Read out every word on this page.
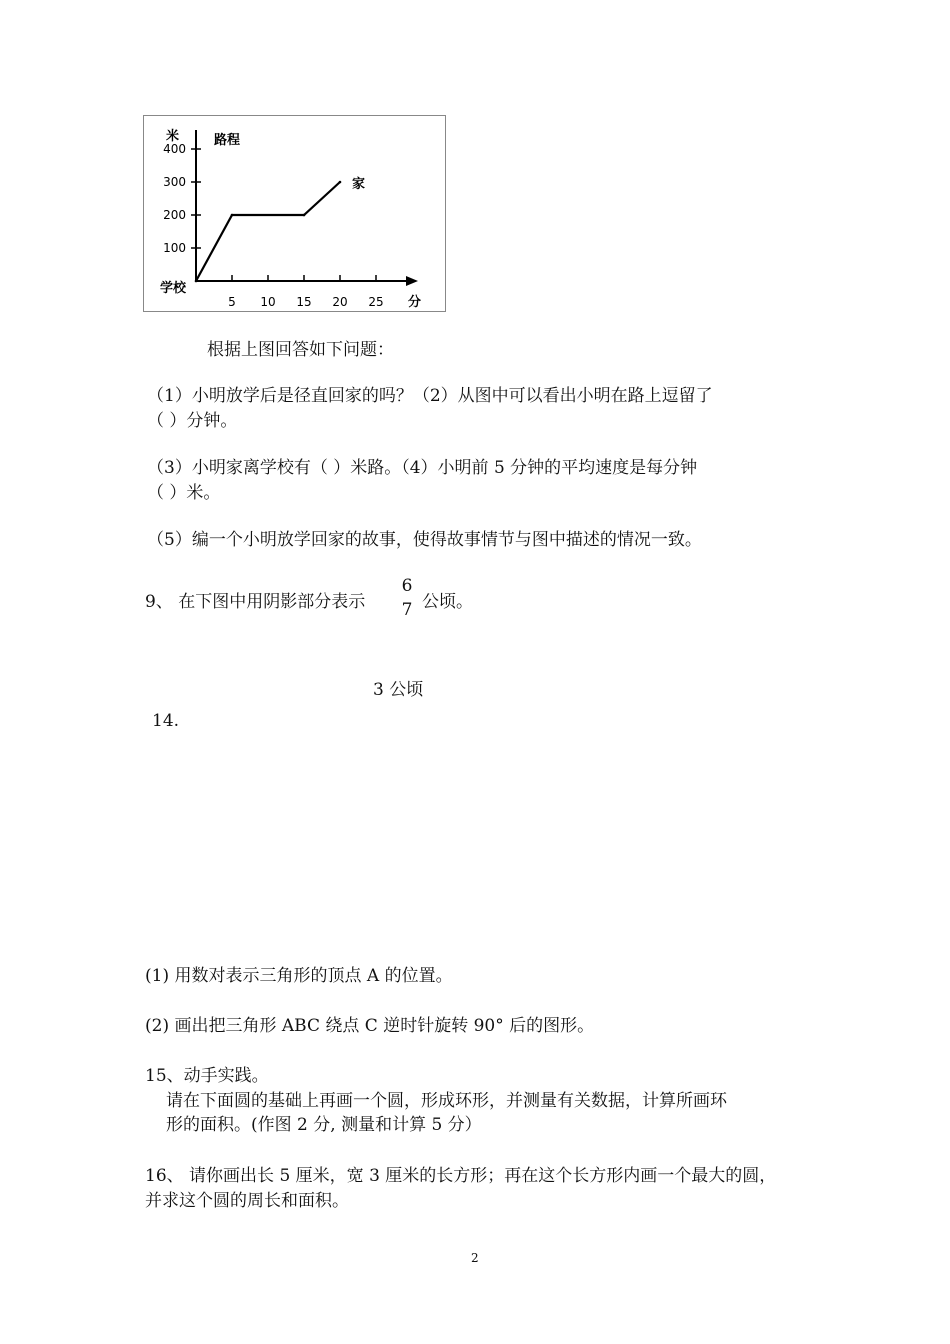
100
200
300
400
5 10 15 20 25
米	路程
学校
家
分
根据上图回答如下问题：
（1）小明放学后是径直回家的吗？（2）从图中可以看出小明在路上逗留了
（ ）分钟。
（3）小明家离学校有（ ）米路。（4）小明前 5 分钟的平均速度是每分钟
（ ）米。
（5）编一个小明放学回家的故事，使得故事情节与图中描述的情况一致。
9、 在下图中用阴影部分表示
6
7 公顷。
3 公顷
14.
(1) 用数对表示三角形的顶点 A 的位置。
(2) 画出把三角形 ABC 绕点 C 逆时针旋转 90° 后的图形。
15、动手实践。
请在下面圆的基础上再画一个圆，形成环形，并测量有关数据，计算所画环
形的面积。(作图 2 分, 测量和计算 5 分）
16、 请你画出长 5 厘米，宽 3 厘米的长方形；再在这个长方形内画一个最大的圆，
并求这个圆的周长和面积。
2
